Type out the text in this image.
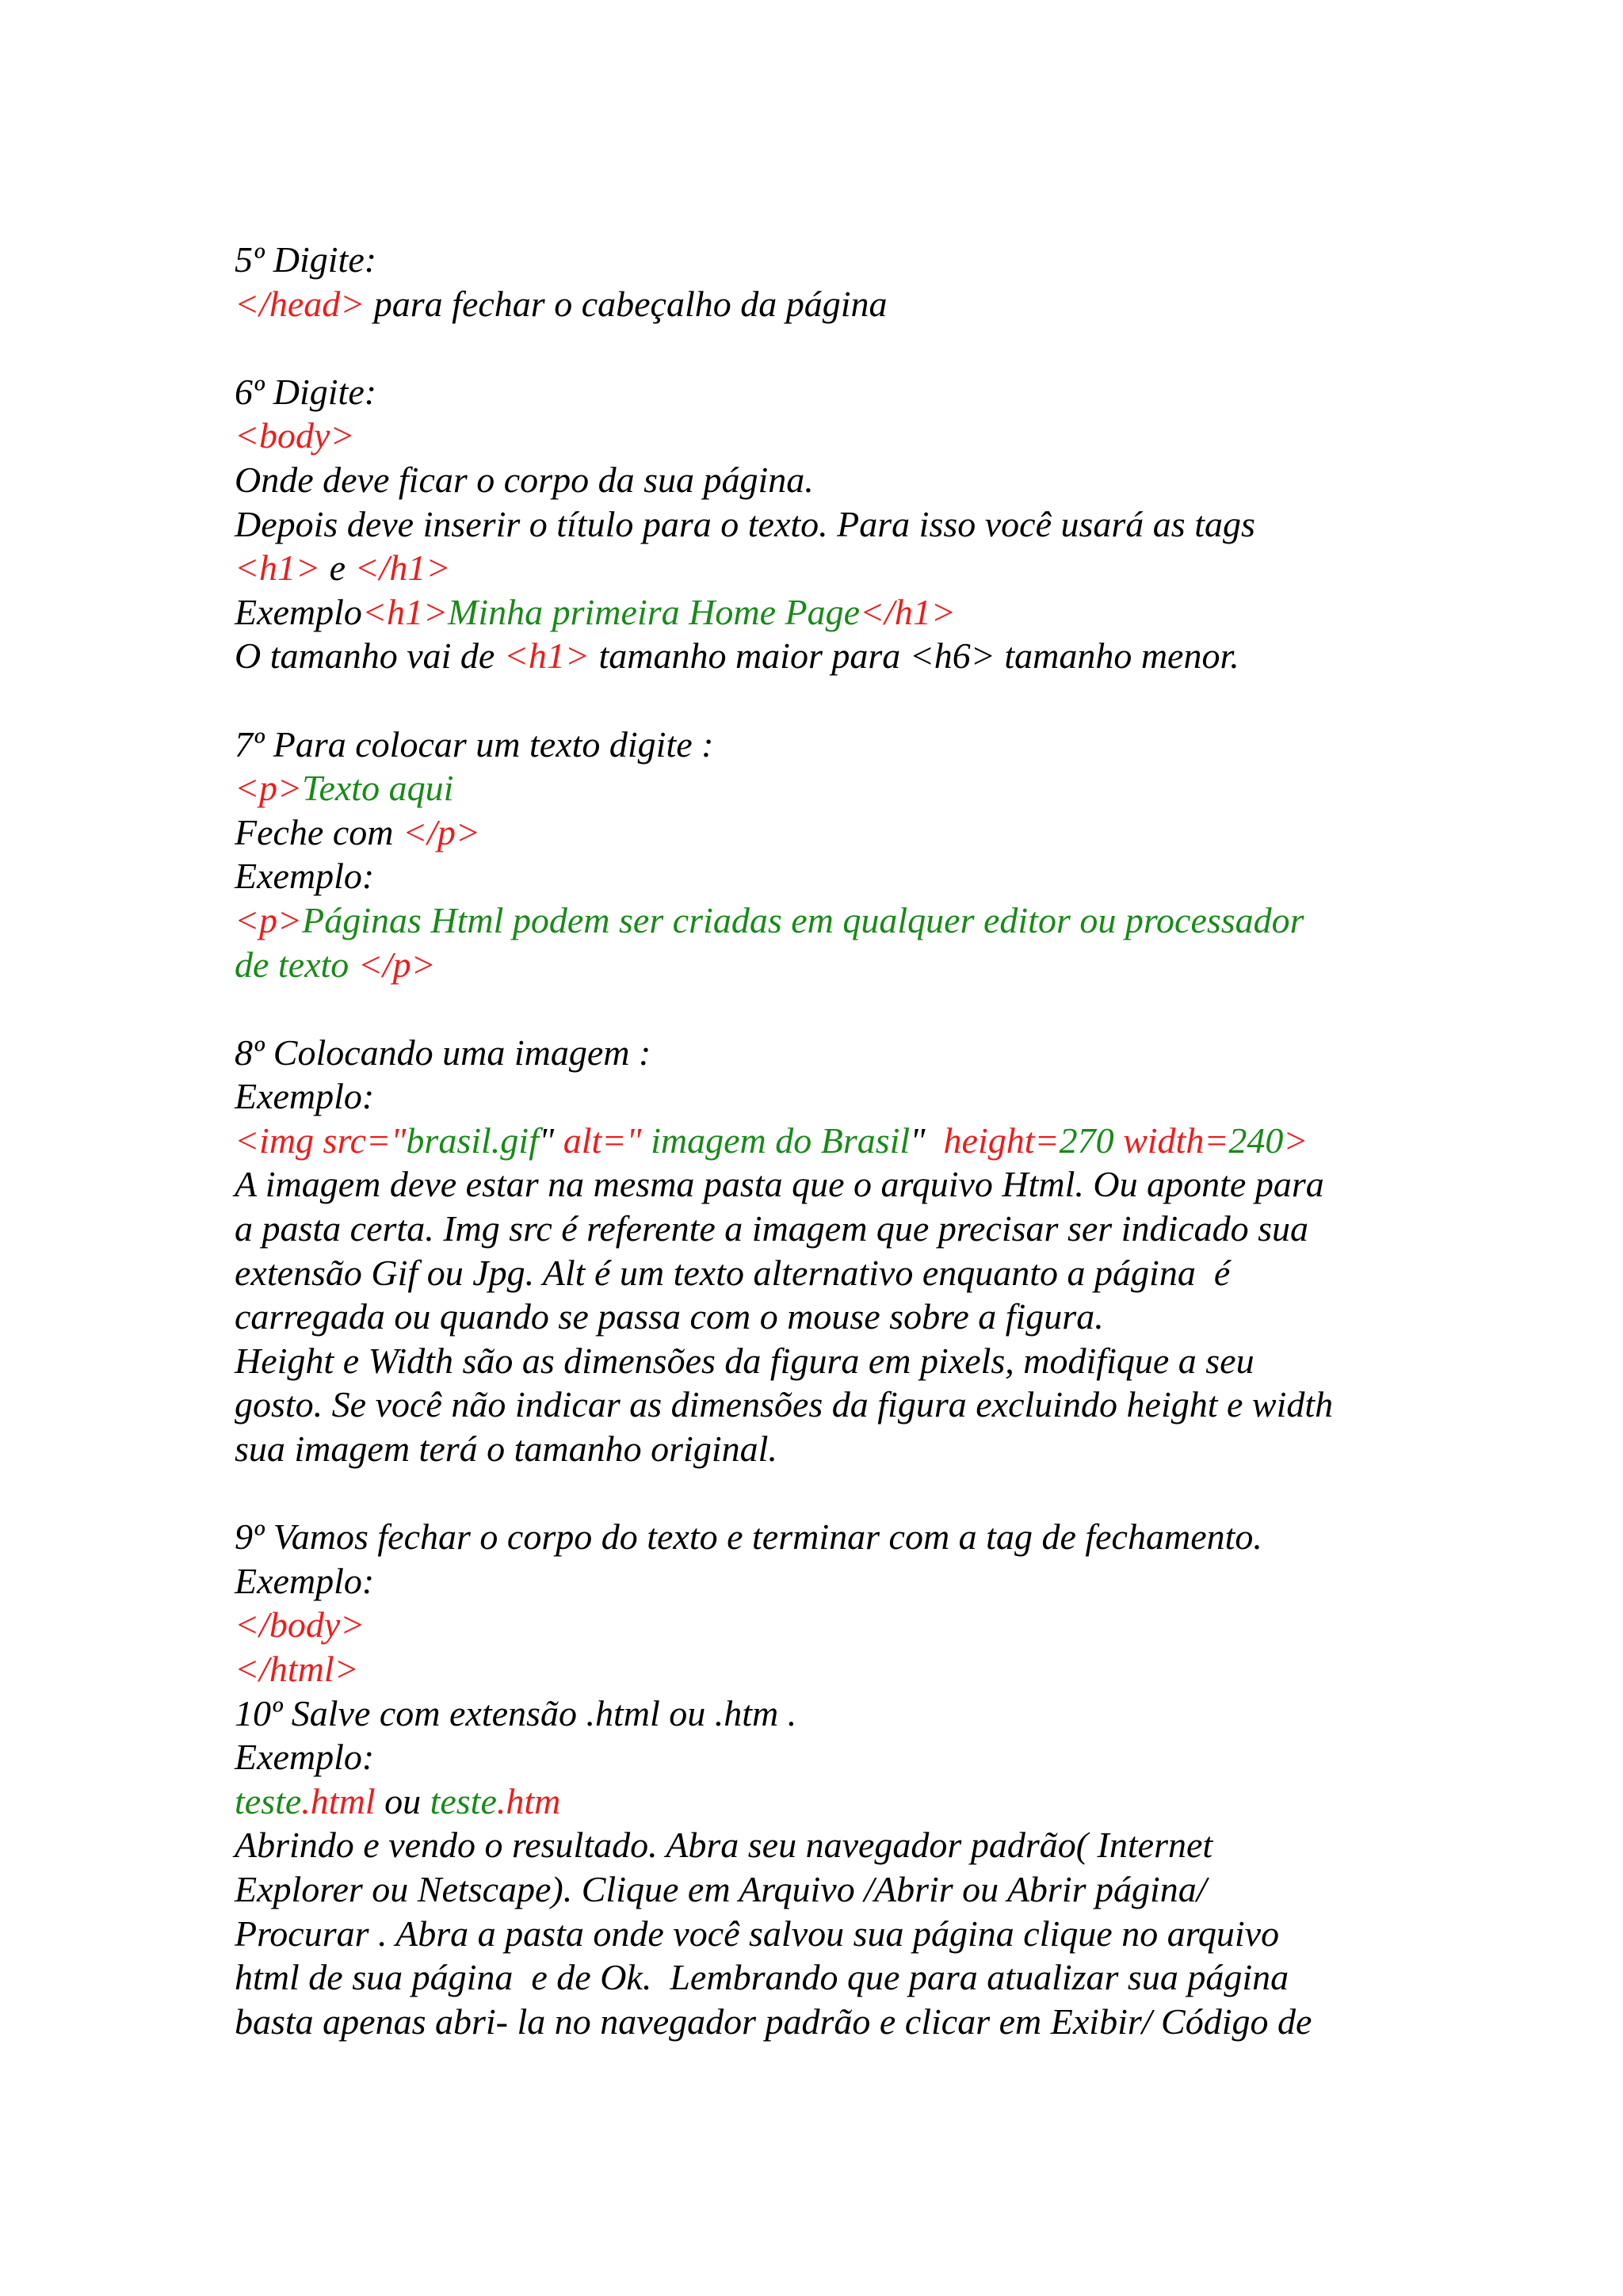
5º Digite:
</head> para fechar o cabeçalho da página
6º Digite:
<body>
Onde deve ficar o corpo da sua página.
Depois deve inserir o título para o texto. Para isso você usará as tags
<h1> e </h1>
Exemplo<h1>Minha primeira Home Page</h1>
O tamanho vai de <h1> tamanho maior para <h6> tamanho menor.
7º Para colocar um texto digite :
<p>Texto aqui
Feche com </p>
Exemplo:
<p>Páginas Html podem ser criadas em qualquer editor ou processador
de texto </p>
8º Colocando uma imagem :
Exemplo:
<img src="brasil.gif" alt=" imagem do Brasil"  height=270 width=240>
A imagem deve estar na mesma pasta que o arquivo Html. Ou aponte para
a pasta certa. Img src é referente a imagem que precisar ser indicado sua
extensão Gif ou Jpg. Alt é um texto alternativo enquanto a página  é
carregada ou quando se passa com o mouse sobre a figura.
Height e Width são as dimensões da figura em pixels, modifique a seu
gosto. Se você não indicar as dimensões da figura excluindo height e width
sua imagem terá o tamanho original.
9º Vamos fechar o corpo do texto e terminar com a tag de fechamento.
Exemplo:
</body>
</html>
10º Salve com extensão .html ou .htm .
Exemplo:
teste.html ou teste.htm
Abrindo e vendo o resultado. Abra seu navegador padrão( Internet
Explorer ou Netscape). Clique em Arquivo /Abrir ou Abrir página/
Procurar . Abra a pasta onde você salvou sua página clique no arquivo
html de sua página  e de Ok.  Lembrando que para atualizar sua página
basta apenas abri- la no navegador padrão e clicar em Exibir/ Código de
